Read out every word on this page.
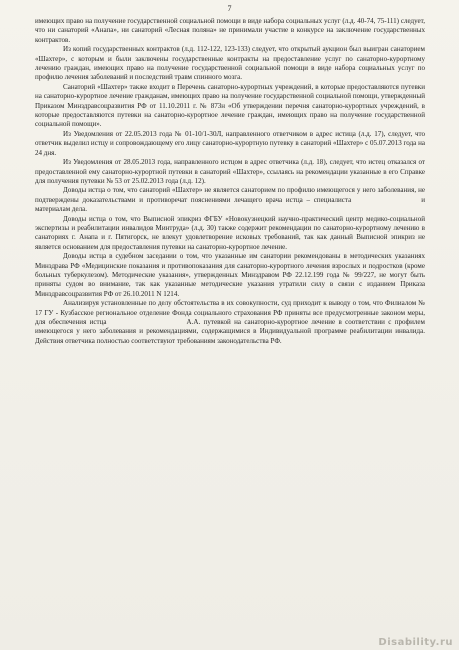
7

имеющих право на получение государственной социальной помощи в виде набора социальных услуг (л.д. 40-74, 75-111) следует, что ни санаторий «Анапа», ни санаторий «Лесная поляна» не принимали участие в конкурсе на заключение государственных контрактов.

Из копий государственных контрактов (л.д. 112-122, 123-133) следует, что открытый аукцион был выигран санаторием «Шахтер», с которым и были заключены государственные контракты на предоставление услуг по санаторно-курортному лечению граждан, имеющих право на получение государственной социальной помощи в виде набора социальных услуг по профилю лечения заболеваний и последствий травм спинного мозга.

Санаторий «Шахтер» также входит в Перечень санаторно-курортных учреждений, в которые предоставляются путевки на санаторно-курортное лечение гражданам, имеющих право на получение государственной социальной помощи, утвержденный Приказом Минздравсоцразвития РФ от 11.10.2011 г. № 873н «Об утверждении перечня санаторно-курортных учреждений, в которые предоставляются путевки на санаторно-курортное лечение граждан, имеющих право на получение государственной социальной помощи».

Из Уведомления от 22.05.2013 года № 01-10/1-30Л, направленного ответчиком в адрес истица (л.д. 17), следует, что ответчик выделил истцу и сопровождающему его лицу санаторно-курортную путевку в санаторий «Шахтер» с 05.07.2013 года на 24 дня.

Из Уведомления от 28.05.2013 года, направленного истцом в адрес ответчика (л.д. 18), следует, что истец отказался от предоставленной ему санаторно-курортной путевки в санаторий «Шахтер», ссылаясь на рекомендации указанные в его Справке для получения путевки № 53 от 25.02.2013 года (л.д. 12).

Доводы истца о том, что санаторий «Шахтер» не является санаторием по профилю имеющегося у него заболевания, не подтверждены доказательствами и противоречат пояснениями лечащего врача истца – специалиста	и материалам дела.

Доводы истца о том, что Выписной эпикриз ФГБУ «Новокузнецкий научно-практический центр медико-социальной экспертизы и реабилитации инвалидов Минтруда» (л.д. 30) также содержит рекомендации по санаторно-курортному лечению в санаториях г. Анапа и г. Пятигорск, не влекут удовлетворение исковых требований, так как данный Выписной эпикриз не является основанием для предоставления путевки на санаторно-курортное лечение.

Доводы истца в судебном заседании о том, что указанные им санатории рекомендованы в методических указаниях Минздрава РФ «Медицинские показания и противопоказания для санаторно-курортного лечения взрослых и подростков (кроме больных туберкулезом). Методические указания», утвержденных Минздравом РФ 22.12.199 года № 99/227, не могут быть приняты судом во внимание, так как указанные методические указания утратили силу в связи с изданием Приказа Минздравсоцразвития РФ от 26.10.2011 N 1214.

Анализируя установленные по делу обстоятельства в их совокупности, суд приходит к выводу о том, что Филиалом № 17 ГУ - Кузбасское региональное отделение Фонда социального страхования РФ приняты все предусмотренные законом меры, для обеспечения истца	А.А. путевкой на санаторно-курортное лечение в соответствии с профилем имеющегося у него заболевания и рекомендациями, содержащимися в Индивидуальной программе реабилитации инвалида. Действия ответчика полностью соответствуют требованиям законодательства РФ.

Disability.ru
